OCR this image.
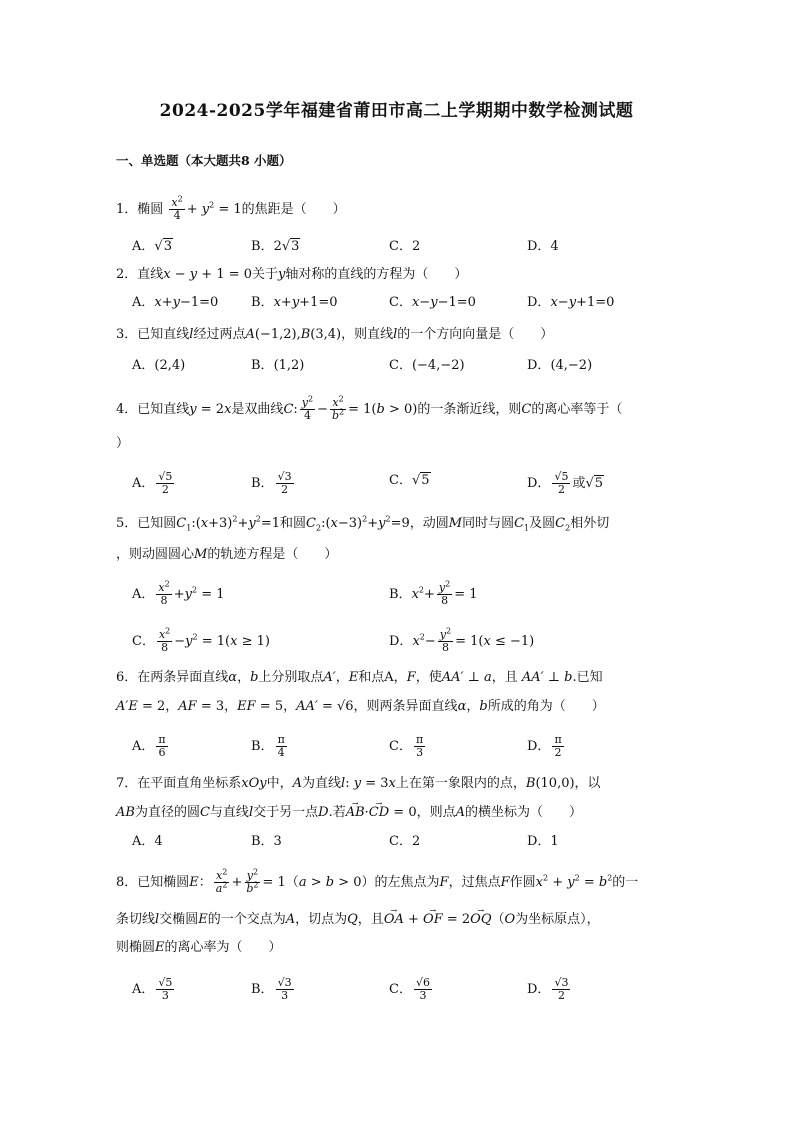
2024-2025学年福建省莆田市高二上学期期中数学检测试题
一、单选题（本大题共8 小题）
1．椭圆 $\frac{x^2}{4} + y^2 = 1$的焦距是（　　）
A．√3	B．2√3	C．2	D．4
2．直线x − y + 1 = 0关于y轴对称的直线的方程为（　　）
A．x+y−1=0	B．x+y+1=0	C．x−y−1=0	D．x−y+1=0
3．已知直线l经过两点A(−1,2),B(3,4)，则直线l的一个方向向量是（　　）
A．(2,4)	B．(1,2)	C．(−4,−2)	D．(4,−2)
4．已知直线y = 2x是双曲线C: $\frac{y^2}{4} - \frac{x^2}{b^2} = 1(b > 0)$的一条渐近线，则C的离心率等于（
）
A． $\frac{√5}{2}$	B． $\frac{√3}{2}$	C．√5	D． $\frac{√5}{2}$ 或√5
5．已知圆$C_1:(x+3)^2+y^2=1$和圆$C_2:(x-3)^2+y^2=9$，动圆M同时与圆$C_1$及圆$C_2$相外切
，则动圆圆心M的轨迹方程是（　　）
A． $\frac{x^2}{8} +y^2 = 1$	B．$x^2+ \frac{y^2}{8} = 1$
C． $\frac{x^2}{8} -y^2 = 1(x \ge 1)$	D．$x^2- \frac{y^2}{8} = 1(x \le -1)$
6．在两条异面直线α，b上分别取点A′，E和点A，F，使AA′ ⊥ a，且 AA′ ⊥ b.已知
A′E = 2，AF = 3，EF = 5，AA′ = √6，则两条异面直线α，b所成的角为（　　）
A． $\frac{\pi}{6}$	B． $\frac{\pi}{4}$	C． $\frac{\pi}{3}$	D． $\frac{\pi}{2}$
7．在平面直角坐标系xOy中，A为直线l: y = 3x上在第一象限内的点，B(10,0)，以
AB为直径的圆C与直线l交于另一点D.若→ AB·→ CD = 0，则点A的横坐标为（　　）
A．4	B．3	C．2	D．1
8．已知椭圆E： $\frac{x^2}{a^2} + \frac{y^2}{b^2} = 1(a > b > 0)$的左焦点为F，过焦点F作圆$x^2 + y^2 = b^2$的一
条切线l交椭圆E的一个交点为A，切点为Q，且→ OA + → OF = 2→ OQ（O为坐标原点），
则椭圆E的离心率为（　　）
A． $\frac{√5}{3}$	B． $\frac{√3}{3}$	C． $\frac{√6}{3}$	D． $\frac{√3}{2}$
